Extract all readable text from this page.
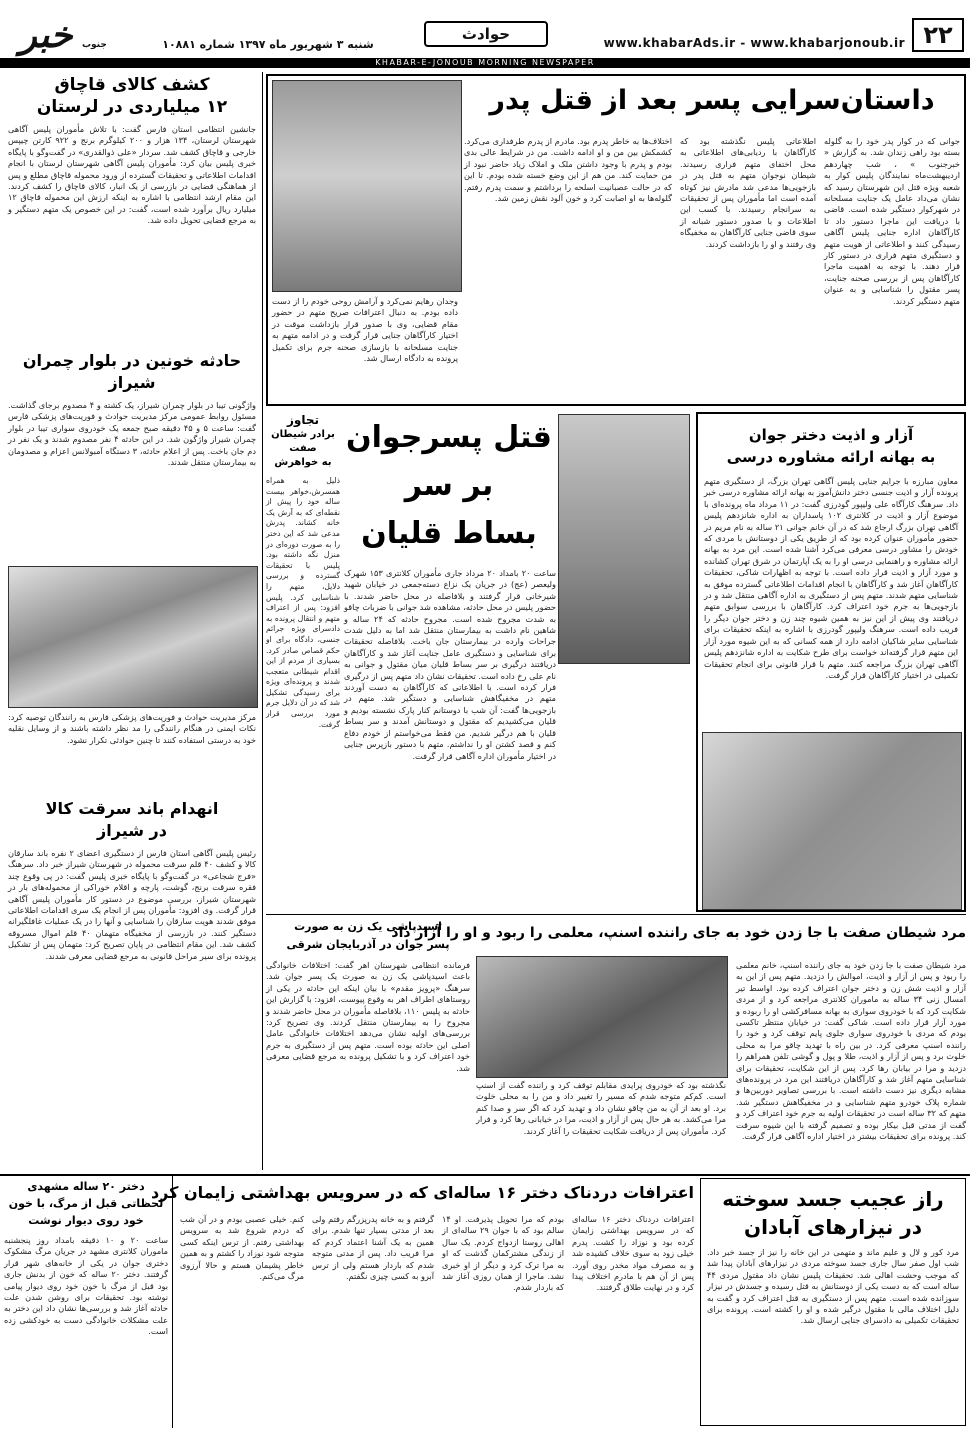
۲۲
www.khabarAds.ir - www.khabarjonoub.ir
حوادث
شنبه ۳ شهریور ماه ۱۳۹۷ شماره ۱۰۸۸۱
خبر	جنوب
KHABAR-E-JONOUB MORNING NEWSPAPER
کشف کالای قاچاق
۱۲ میلیاردی در لرستان
جانشین انتظامی استان فارس گفت: با تلاش مأموران پلیس آگاهی شهرستان لرستان، ۱۳۴ هزار و ۲۰۰ کیلوگرم برنج و ۹۲۲ کارتن چیپس خارجی و قاچاق کشف شد. سردار «علی ذوالقدری» در گفت‌وگو با پایگاه خبری پلیس بیان کرد: مأموران پلیس آگاهی شهرستان لرستان با انجام اقدامات اطلاعاتی و تحقیقات گسترده از ورود محموله قاچاق مطلع و پس از هماهنگی قضایی در بازرسی از یک انبار، کالای قاچاق را کشف کردند. این مقام ارشد انتظامی با اشاره به اینکه ارزش این محموله قاچاق ۱۲ میلیارد ریال برآورد شده است، گفت: در این خصوص یک متهم دستگیر و به مرجع قضایی تحویل داده شد.
حادثه خونین در بلوار چمران
شیراز
واژگونی تیبا در بلوار چمران شیراز، یک کشته و ۴ مصدوم برجای گذاشت. مسئول روابط عمومی مرکز مدیریت حوادث و فوریت‌های پزشکی فارس گفت: ساعت ۵ و ۴۵ دقیقه صبح جمعه یک خودروی سواری تیبا در بلوار چمران شیراز واژگون شد. در این حادثه ۴ نفر مصدوم شدند و یک نفر در دم جان باخت. پس از اعلام حادثه، ۳ دستگاه آمبولانس اعزام و مصدومان به بیمارستان منتقل شدند.
مرکز مدیریت حوادث و فوریت‌های پزشکی فارس به رانندگان توصیه کرد: نکات ایمنی در هنگام رانندگی را مد نظر داشته باشند و از وسایل نقلیه خود به درستی استفاده کنند تا چنین حوادثی تکرار نشود.
انهدام باند سرقت کالا
در شیراز
رئیس پلیس آگاهی استان فارس از دستگیری اعضای ۲ نفره باند سارقان کالا و کشف ۴۰ قلم سرقت محموله در شهرستان شیراز خبر داد. سرهنگ «فرج شجاعی» در گفت‌وگو با پایگاه خبری پلیس گفت: در پی وقوع چند فقره سرقت برنج، گوشت، پارچه و اقلام خوراکی از محموله‌های بار در شهرستان شیراز، بررسی موضوع در دستور کار مأموران پلیس آگاهی قرار گرفت. وی افزود: مأموران پس از انجام یک سری اقدامات اطلاعاتی موفق شدند هویت سارقان را شناسایی و آنها را در یک عملیات غافلگیرانه دستگیر کنند. در بازرسی از مخفیگاه متهمان ۴۰ قلم اموال مسروقه کشف شد. این مقام انتظامی در پایان تصریح کرد: متهمان پس از تشکیل پرونده برای سیر مراحل قانونی به مرجع قضایی معرفی شدند.
داستان‌سرایی پسر بعد از قتل پدر
جوانی که در کوار پدر خود را به گلوله بسته بود راهی زندان شد. به گزارش « خبرجنوب » ، شب چهاردهم اردیبهشت‌ماه نمایندگان پلیس کوار به شعبه ویژه قتل این شهرستان رسید که نشان می‌داد عامل یک جنایت مسلحانه در شهرکوار دستگیر شده است. قاضی با دریافت این ماجرا دستور داد تا کارآگاهان اداره جنایی پلیس آگاهی رسیدگی کنند و اطلاعاتی از هویت متهم و دستگیری متهم فراری در دستور کار قرار دهند. با توجه به اهمیت ماجرا کارآگاهان پس از بررسی صحنه جنایت، پسر مقتول را شناسایی و به عنوان متهم دستگیر کردند.
اطلاعاتی پلیس نگذشته بود که کارآگاهان با ردیابی‌های اطلاعاتی به محل اختفای متهم فراری رسیدند. شیطان نوجوان متهم به قتل پدر در بازجویی‌ها مدعی شد مادرش نیز کوتاه‌ آمده است اما مأموران پس از تحقیقات به سرانجام رسیدند. با کسب این اطلاعات و با صدور دستور شبانه از سوی قاضی جنایی کارآگاهان به مخفیگاه وی رفتند و او را بازداشت کردند.
اختلاف‌ها به خاطر پدرم بود. مادرم از پدرم طرفداری می‌کرد. کشمکش بین من و او ادامه داشت. من در شرایط عالی بدی بودم و پدرم با وجود داشتن ملک و املاک زیاد حاضر نبود از من حمایت کند. من هم از این وضع خسته شده بودم. تا این که در حالت عصبانیت اسلحه را برداشتم و سمت پدرم رفتم. گلوله‌ها به او اصابت کرد و خون آلود نقش زمین شد.
وجدان رهایم نمی‌کرد و آرامش روحی خودم را از دست داده بودم. به دنبال اعترافات صریح متهم در حضور مقام قضایی، وی با صدور قرار بازداشت موقت در اختیار کارآگاهان جنایی قرار گرفت و در ادامه متهم به جنایت مسلحانه با بازسازی صحنه جرم برای تکمیل پرونده به دادگاه ارسال شد.
قتل پسرجوان
بر سر
بساط قلیان
ساعت ۲۰ بامداد ۲۰ مرداد جاری مأموران کلانتری ۱۵۳ شهرک ولیعصر (عج) در جریان یک نزاع دسته‌جمعی در خیابان شهید شیرخانی قرار گرفتند و بلافاصله در محل حاضر شدند. با حضور پلیس در محل حادثه، مشاهده شد جوانی با ضربات چاقو به شدت مجروح شده است. مجروح حادثه که ۲۴ ساله و شاهین نام داشت به بیمارستان منتقل شد اما به دلیل شدت جراحات وارده در بیمارستان جان باخت. بلافاصله تحقیقات برای شناسایی و دستگیری عامل جنایت آغاز شد و کارآگاهان دریافتند درگیری بر سر بساط قلیان میان مقتول و جوانی به نام علی رخ داده است. تحقیقات نشان داد متهم پس از درگیری فرار کرده است. با اطلاعاتی که کارآگاهان به دست آوردند متهم در مخفیگاهش شناسایی و دستگیر شد. متهم در بازجویی‌ها گفت: آن شب با دوستانم کنار پارک نشسته بودیم و قلیان می‌کشیدیم که مقتول و دوستانش آمدند و سر بساط قلیان با هم درگیر شدیم. من فقط می‌خواستم از خودم دفاع کنم و قصد کشتن او را نداشتم. متهم با دستور بازپرس جنایی در اختیار مأموران اداره آگاهی قرار گرفت.
تجاوز
برادر شیطان صفت
به خواهرش
ذلیل به همراه همسرش،خواهر بیست ساله خود را پیش از نقطه‌ای که به ‌آرش یک خانه کشاند. پدرش مدعی شد که این دختر را به صورت دوره‌ای در منزل نگه داشته بود. پلیس با تحقیقات گسترده و بررسی دلایل، متهم را شناسایی کرد. پلیس افزود: پس از اعتراف متهم و انتقال پرونده به دادسرای ویژه جرائم جنسی، دادگاه برای او حکم قصاص صادر کرد. بسیاری از مردم از این اقدام شیطانی متعجب شدند و پرونده‌ای ویژه برای رسیدگی تشکیل شد که در آن دلایل جرم مورد بررسی قرار گرفت.
آزار و اذیت دختر جوان
به بهانه ارائه مشاوره درسی
معاون مبارزه با جرایم جنایی پلیس آگاهی تهران بزرگ، از دستگیری متهم پرونده آزار و اذیت جنسی دختر دانش‌آموز به بهانه ارائه مشاوره درسی خبر داد. سرهنگ کارآگاه علی ولیپور گودرزی گفت: در ۱۱ مرداد ماه پرونده‌ای با موضوع آزار و اذیت در کلانتری ۱۰۲ پاسداران به اداره شانزدهم پلیس آگاهی تهران بزرگ ارجاع شد که در آن خانم جوانی ۲۱ ساله به نام مریم در حضور مأموران عنوان کرده بود که از طریق یکی از دوستانش با مردی که خودش را مشاور درسی معرفی می‌کرد آشنا شده است. این مرد به بهانه ارائه مشاوره و راهنمایی درسی او را به یک آپارتمان در شرق تهران کشانده و مورد آزار و اذیت قرار داده است. با توجه به اظهارات شاکی، تحقیقات کارآگاهان آغاز شد و کارآگاهان با انجام اقدامات اطلاعاتی گسترده موفق به شناسایی متهم شدند. متهم پس از دستگیری به اداره آگاهی منتقل شد و در بازجویی‌ها به جرم خود اعتراف کرد. کارآگاهان با بررسی سوابق متهم دریافتند وی پیش از این نیز به همین شیوه چند زن و دختر جوان دیگر را فریب داده است. سرهنگ ولیپور گودرزی با اشاره به اینکه تحقیقات برای شناسایی سایر شاکیان ادامه دارد از همه کسانی که به این شیوه مورد آزار این متهم قرار گرفته‌اند خواست برای طرح شکایت به اداره شانزدهم پلیس آگاهی تهران بزرگ مراجعه کنند. متهم با قرار قانونی برای انجام تحقیقات تکمیلی در اختیار کارآگاهان قرار گرفت.
مرد شیطان صفت با جا زدن خود به جای راننده اسنپ، معلمی را ربود و او را آزار داد
مرد شیطان صفت با جا زدن خود به جای راننده اسنپ، خانم معلمی را ربود و پس از آزار و اذیت، اموالش را دزدید. متهم پس از این به آزار و اذیت شش زن و دختر جوان اعتراف کرده بود. اواسط تیر امسال زنی ۳۴ ساله به ماموران کلانتری مراجعه کرد و از مردی شکایت کرد که با خودروی سواری به بهانه مسافرکشی او را ربوده و مورد آزار قرار داده است. شاکی گفت: در خیابان منتظر تاکسی بودم که مردی با خودروی سواری جلوی پایم توقف کرد و خود را راننده اسنپ معرفی کرد. در بین راه با تهدید چاقو مرا به محلی خلوت برد و پس از آزار و اذیت، طلا و پول و گوشی تلفن همراهم را دزدید و مرا در بیابان رها کرد. پس از این شکایت، تحقیقات برای شناسایی متهم آغاز شد و کارآگاهان دریافتند این مرد در پرونده‌های مشابه دیگری نیز دست داشته است. با بررسی تصاویر دوربین‌ها و شماره پلاک خودرو متهم شناسایی و در مخفیگاهش دستگیر شد. متهم که ۳۲ ساله است در تحقیقات اولیه به جرم خود اعتراف کرد و گفت از مدتی قبل بیکار بوده و تصمیم گرفته با این شیوه سرقت کند. پرونده برای تحقیقات بیشتر در اختیار اداره آگاهی قرار گرفت.
نگذشته بود که خودروی پرایدی مقابلم توقف کرد و راننده گفت از اسنپ است. کم‌کم متوجه شدم که مسیر را تغییر داد و من را به محلی خلوت برد. او بعد از آن به من چاقو نشان داد و تهدید کرد که اگر سر و صدا کنم مرا می‌کشد. به هر حال پس از آزار و اذیت، مرا در خیابانی رها کرد و فرار کرد. مأموران پس از دریافت شکایت تحقیقات را آغاز کردند.
اسیدپاشی یک زن به صورت
پسر جوان در آذربایجان شرقی
فرمانده انتظامی شهرستان اهر گفت: اختلافات خانوادگی باعث اسیدپاشی یک زن به صورت یک پسر جوان شد. سرهنگ «پرویز مقدم» با بیان اینکه این حادثه در یکی از روستاهای اطراف اهر به وقوع پیوست، افزود: با گزارش این حادثه به پلیس ۱۱۰، بلافاصله مأموران در محل حاضر شدند و مجروح را به بیمارستان منتقل کردند. وی تصریح کرد: بررسی‌های اولیه نشان می‌دهد اختلافات خانوادگی عامل اصلی این حادثه بوده است. متهم پس از دستگیری به جرم خود اعتراف کرد و با تشکیل پرونده به مرجع قضایی معرفی شد.
راز عجیب جسد سوخته
در نیزارهای آبادان
مرد کور و لال و علیم ماند و متهمی در این خانه را نیز از جسد خبر داد. شب اول صفر سال جاری جسد سوخته مردی در نیزارهای آبادان پیدا شد که موجب وحشت اهالی شد. تحقیقات پلیس نشان داد مقتول مردی ۴۴ ساله است که به دست یکی از دوستانش به قتل رسیده و جسدش در نیزار سوزانده شده است. متهم پس از دستگیری به قتل اعتراف کرد و گفت به دلیل اختلاف مالی با مقتول درگیر شده و او را کشته است. پرونده برای تحقیقات تکمیلی به دادسرای جنایی ارسال شد.
اعترافات دردناک دختر ۱۶ ساله‌ای که در سرویس بهداشتی زایمان کرد
اعترافات دردناک دختر ۱۶ ساله‌ای که در سرویس بهداشتی زایمان کرده بود و نوزاد را کشت. پدرم خیلی زود به سوی خلاف کشیده شد و به مصرف مواد مخدر روی آورد. پس از آن هم با مادرم اختلاف پیدا کرد و در نهایت طلاق گرفتند.
بودم که مرا تحویل پذیرفت. او ۱۴ سالم بود که با جوان ۲۹ ساله‌ای از اهالی روستا ازدواج کردم. یک سال از زندگی مشترکمان گذشت که او به مرا ترک کرد و دیگر از او خبری نشد. ماجرا از همان روزی آغاز شد که باردار شدم.
گرفتم و به خانه پدرپزرگم رفتم ولی بعد از مدتی بسیار تنها شدم. برای همین به یک آشنا اعتماد کردم که مرا فریب داد. پس از مدتی متوجه شدم که باردار هستم ولی از ترس آبرو به کسی چیزی نگفتم.
کنم. خیلی عصبی بودم و در آن شب که دردم شروع شد به سرویس بهداشتی رفتم. از ترس اینکه کسی متوجه شود نوزاد را کشتم و به همین خاطر پشیمان هستم و حالا آرزوی مرگ می‌کنم.
دختر ۲۰ ساله مشهدی
لحظاتی قبل از مرگ، با خون
خود روی دیوار نوشت
ساعت ۲۰ و ۱۰ دقیقه بامداد روز پنجشنبه ماموران کلانتری مشهد در جریان مرگ مشکوک دختری جوان در یکی از خانه‌های شهر قرار گرفتند. دختر ۲۰ ساله که خون از بدنش جاری بود قبل از مرگ با خون خود روی دیوار پیامی نوشته بود. تحقیقات برای روشن شدن علت حادثه آغاز شد و بررسی‌ها نشان داد این دختر به علت مشکلات خانوادگی دست به خودکشی زده است.
